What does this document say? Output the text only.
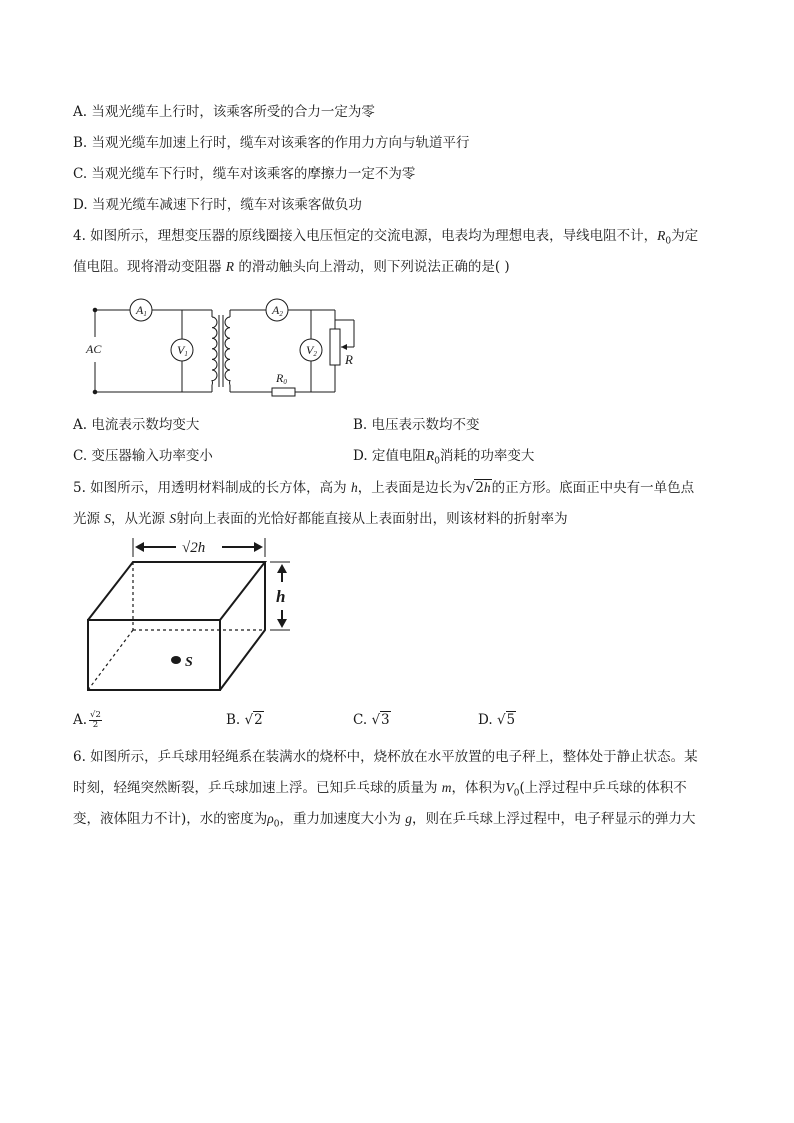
A. 当观光缆车上行时，该乘客所受的合力一定为零
B. 当观光缆车加速上行时，缆车对该乘客的作用力方向与轨道平行
C. 当观光缆车下行时，缆车对该乘客的摩擦力一定不为零
D. 当观光缆车减速下行时，缆车对该乘客做负功
4. 如图所示，理想变压器的原线圈接入电压恒定的交流电源，电表均为理想电表，导线电阻不计，$R_0$为定
值电阻。现将滑动变阻器 R 的滑动触头向上滑动，则下列说法正确的是( )
AC
A1
V1
A2
V2 R
R0
A. 电流表示数均变大	B. 电压表示数均不变
C. 变压器输入功率变小	D. 定值电阻$R_0$消耗的功率变大
5. 如图所示，用透明材料制成的长方体，高为 h，上表面是边长为√2h的正方形。底面正中央有一单色点
光源 S，从光源 S射向上表面的光恰好都能直接从上表面射出，则该材料的折射率为
√2h
h
S
A. $\frac{√2}{2}$	B. √2	C. √3	D. √5
6. 如图所示，乒乓球用轻绳系在装满水的烧杯中，烧杯放在水平放置的电子秤上，整体处于静止状态。某
时刻，轻绳突然断裂，乒乓球加速上浮。已知乒乓球的质量为 m，体积为$V_0$(上浮过程中乒乓球的体积不
变，液体阻力不计)，水的密度为$\rho_0$，重力加速度大小为 g，则在乒乓球上浮过程中，电子秤显示的弹力大
